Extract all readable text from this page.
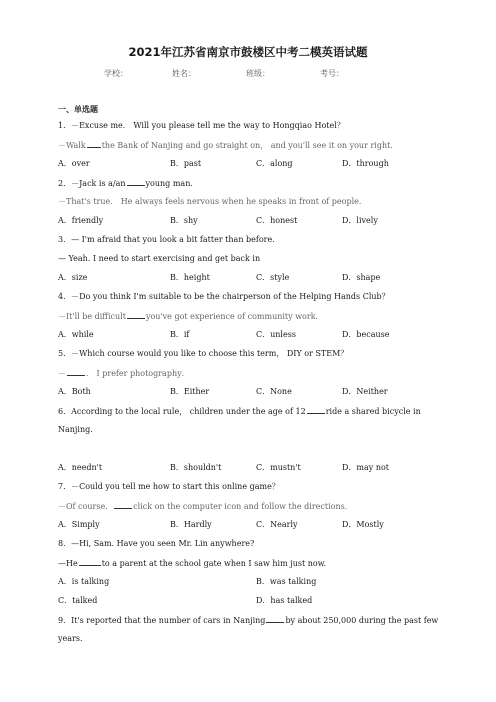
2021年江苏省南京市鼓楼区中考二模英语试题
学校：	姓名：	班级：	考号：
一、单选题
1．－Excuse me． Will you please tell me the way to Hongqiao Hotel？
－Walk the Bank of Nanjing and go straight on， and you'll see it on your right．
A．over	B．past	C．along	D．through
2．－Jack is a/an	young man．
－That's true． He always feels nervous when he speaks in front of people．
A．friendly	B．shy	C．honest	D．lively
3．— I'm afraid that you look a bit fatter than before.
— Yeah. I need to start exercising and get back in
A．size	B．height	C．style	D．shape
4．－Do you think I'm suitable to be the chairperson of the Helping Hands Club？
－It'll be difficult	you've got experience of community work．
A．while	B．if	C．unless	D．because
5．－Which course would you like to choose this term， DIY or STEM？
－	． I prefer photography．
A．Both	B．Either	C．None	D．Neither
6．According to the local rule， children under the age of 12	ride a shared bicycle in
Nanjing.
A．needn't	B．shouldn't	C．mustn't	D．may not
7．－Could you tell me how to start this online game？
－Of course．	click on the computer icon and follow the directions．
A．Simply	B．Hardly	C．Nearly	D．Mostly
8．—Hi, Sam. Have you seen Mr. Lin anywhere?
—He	to a parent at the school gate when I saw him just now.
A．is talking	B．was talking
C．talked	D．has talked
9．It's reported that the number of cars in Nanjing	by about 250,000 during the past few
years.
